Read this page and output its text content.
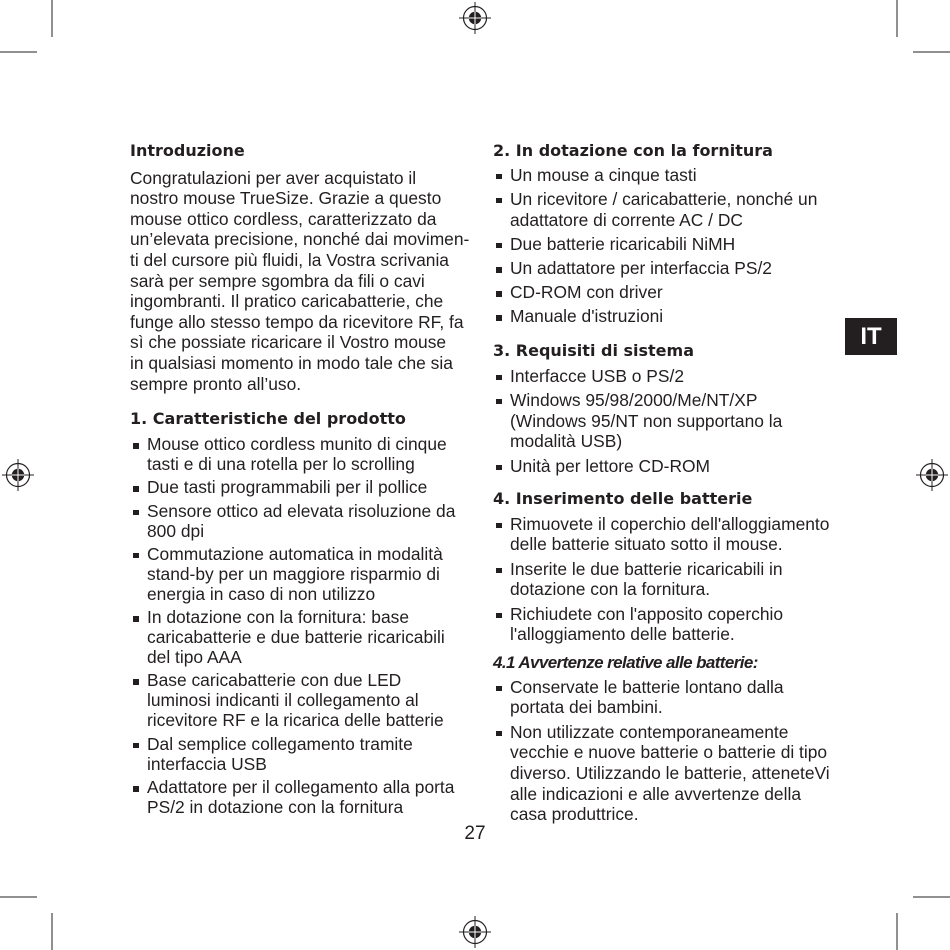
Introduzione
Congratulazioni per aver acquistato il
nostro mouse TrueSize. Grazie a questo
mouse ottico cordless, caratterizzato da
un’elevata precisione, nonché dai movimen-
ti del cursore più fluidi, la Vostra scrivania
sarà per sempre sgombra da fili o cavi
ingombranti. Il pratico caricabatterie, che
funge allo stesso tempo da ricevitore RF, fa
sì che possiate ricaricare il Vostro mouse
in qualsiasi momento in modo tale che sia
sempre pronto all’uso.
1. Caratteristiche del prodotto
Mouse ottico cordless munito di cinque
tasti e di una rotella per lo scrolling
Due tasti programmabili per il pollice
Sensore ottico ad elevata risoluzione da
800 dpi
Commutazione automatica in modalità
stand-by per un maggiore risparmio di
energia in caso di non utilizzo
In dotazione con la fornitura: base
caricabatterie e due batterie ricaricabili
del tipo AAA
Base caricabatterie con due LED
luminosi indicanti il collegamento al
ricevitore RF e la ricarica delle batterie
Dal semplice collegamento tramite
interfaccia USB
Adattatore per il collegamento alla porta
PS/2 in dotazione con la fornitura
2. In dotazione con la fornitura
Un mouse a cinque tasti
Un ricevitore / caricabatterie, nonché un
adattatore di corrente AC / DC
Due batterie ricaricabili NiMH
Un adattatore per interfaccia PS/2
CD-ROM con driver
Manuale d'istruzioni
3. Requisiti di sistema
Interfacce USB o PS/2
Windows 95/98/2000/Me/NT/XP
(Windows 95/NT non supportano la
modalità USB)
Unità per lettore CD-ROM
4. Inserimento delle batterie
Rimuovete il coperchio dell'alloggiamento
delle batterie situato sotto il mouse.
Inserite le due batterie ricaricabili in
dotazione con la fornitura.
Richiudete con l'apposito coperchio
l'alloggiamento delle batterie.
4.1 Avvertenze relative alle batterie:
Conservate le batterie lontano dalla
portata dei bambini.
Non utilizzate contemporaneamente
vecchie e nuove batterie o batterie di tipo
diverso. Utilizzando le batterie, atteneteVi
alle indicazioni e alle avvertenze della
casa produttrice.
IT
27
